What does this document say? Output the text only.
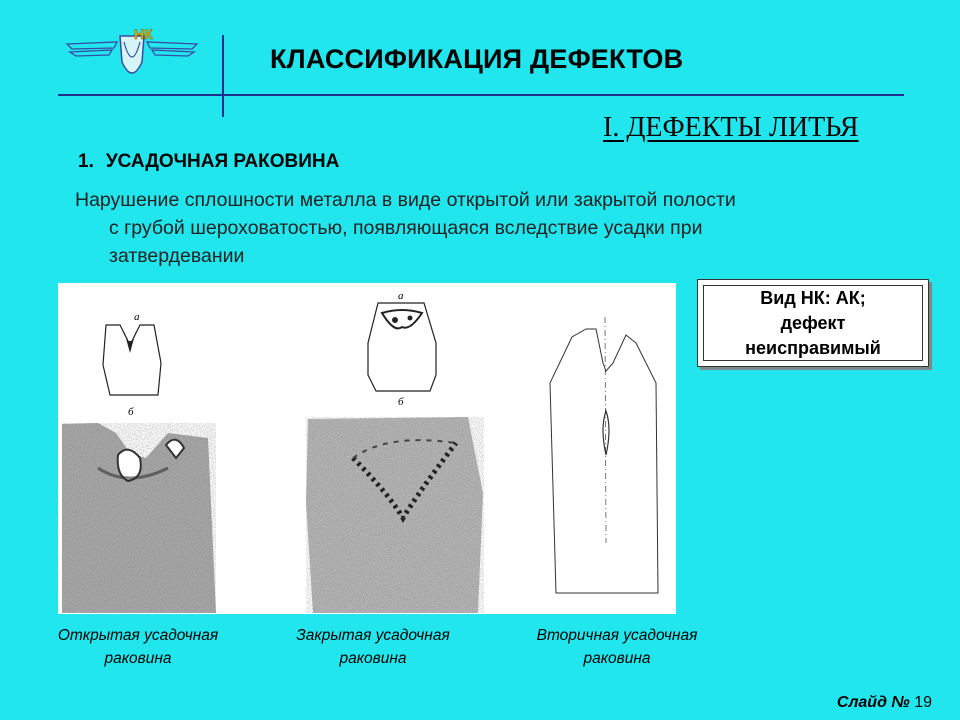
НК
КЛАССИФИКАЦИЯ ДЕФЕКТОВ
I. ДЕФЕКТЫ ЛИТЬЯ
1. УСАДОЧНАЯ РАКОВИНА
Нарушение сплошности металла в виде открытой или закрытой полости
с грубой шероховатостью, появляющаяся вследствие усадки при
затвердевании
Вид НК: АК;
дефект
неисправимый
а
б
а
б
Открытая усадочная
раковина
Закрытая усадочная
раковина
Вторичная усадочная
раковина
Слайд № 19
